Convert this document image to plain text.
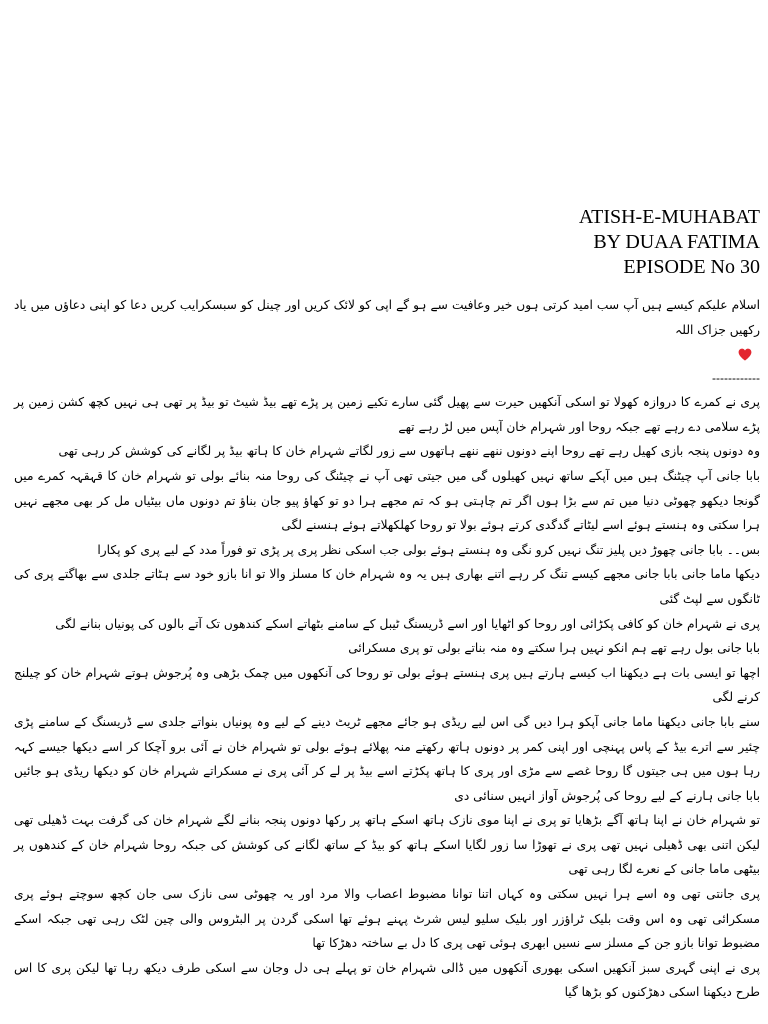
ATISH-E-MUHABAT
BY DUAA FATIMA
EPISODE No 30

اسلام علیکم کیسے ہیں آپ سب امید کرتی ہوں خیر وعافیت سے ہو گے اپی کو لائک کریں اور چینل کو سبسکرایب کریں دعا کو اپنی دعاؤں میں یاد رکھیں جزاک اللہ

------------

پری نے کمرے کا دروازہ کھولا تو اسکی آنکھیں حیرت سے پھیل گئی سارے تکیے زمین پر پڑے تھے بیڈ شیٹ تو بیڈ پر تھی ہی نہیں کچھ کشن زمین پر پڑے سلامی دے رہے تھے جبکہ روحا اور شہرام خان آپس میں لڑ رہے تھے

وہ دونوں پنجہ بازی کھیل رہے تھے روحا اپنے دونوں ننھے ننھے ہاتھوں سے زور لگاتے شہرام خان کا ہاتھ بیڈ پر لگانے کی کوشش کر رہی تھی

بابا جانی آپ چیٹنگ ہیں میں آپکے ساتھ نہیں کھیلوں گی میں جیتی تھی آپ نے چیٹنگ کی روحا منہ بنائے بولی تو شہرام خان کا قہقہہ کمرے میں گونجا دیکھو چھوٹی دنیا میں تم سے بڑا ہوں اگر تم چاہتی ہو کہ تم مجھے ہرا دو تو کھاؤ پیو جان بناؤ تم دونوں ماں بیٹیاں مل کر بھی مجھے نہیں ہرا سکتی وہ ہنستے ہوئے اسے لیٹاتے گدگدی کرتے ہوئے بولا تو روحا کھلکھلاتے ہوئے ہنسنے لگی

بس۔۔ بابا جانی چھوڑ دیں پلیز تنگ نہیں کرو نگی وہ ہنستے ہوئے بولی جب اسکی نظر پری پر پڑی تو فوراً مدد کے لیے پری کو پکارا

دیکھا ماما جانی بابا جانی مجھے کیسے تنگ کر رہے اتنے بھاری ہیں یہ وہ شہرام خان کا مسلز والا تو انا بازو خود سے ہٹاتے جلدی سے بھاگتے پری کی ٹانگوں سے لپٹ گئی

پری نے شہرام خان کو کافی پکڑائی اور روحا کو اٹھایا اور اسے ڈریسنگ ٹیبل کے سامنے بٹھاتے اسکے کندھوں تک آتے بالوں کی پونیاں بنانے لگی

بابا جانی بول رہے تھے ہم انکو نہیں ہرا سکتے وہ منہ بناتے بولی تو پری مسکرائی

اچھا تو ایسی بات ہے دیکھنا اب کیسے ہارتے ہیں پری ہنستے ہوئے بولی تو روحا کی آنکھوں میں چمک بڑھی وہ پُرجوش ہوتے شہرام خان کو چیلنج کرنے لگی

سنے بابا جانی دیکھنا ماما جانی آپکو ہرا دیں گی اس لیے ریڈی ہو جائے مجھے ٹریٹ دینے کے لیے وہ پونیاں بنواتے جلدی سے ڈریسنگ کے سامنے پڑی چئیر سے اترے بیڈ کے پاس پہنچی اور اپنی کمر پر دونوں ہاتھ رکھتے منہ پھلائے ہوئے بولی تو شہرام خان نے آئی برو آچکا کر اسے دیکھا جیسے کہہ رہا ہوں میں ہی جیتوں گا روحا غصے سے مڑی اور پری کا ہاتھ پکڑتے اسے بیڈ پر لے کر آئی پری نے مسکراتے شہرام خان کو دیکھا ریڈی ہو جائیں بابا جانی ہارنے کے لیے روحا کی پُرجوش آواز انہیں سنائی دی

تو شہرام خان نے اپنا ہاتھ آگے بڑھایا تو پری نے اپنا موی نازک ہاتھ اسکے ہاتھ پر رکھا دونوں پنجہ بنانے لگے شہرام خان کی گرفت بہت ڈھیلی تھی لیکن اتنی بھی ڈھیلی نہیں تھی پری نے تھوڑا سا زور لگایا اسکے ہاتھ کو بیڈ کے ساتھ لگانے کی کوشش کی جبکہ روحا شہرام خان کے کندھوں پر بیٹھی ماما جانی کے نعرے لگا رہی تھی

پری جانتی تھی وہ اسے ہرا نہیں سکتی وہ کہاں اتنا توانا مضبوط اعصاب والا مرد اور یہ چھوٹی سی نازک سی جان کچھ سوچتے ہوئے پری مسکرائی تھی وہ اس وقت بلیک ٹراؤزر اور بلیک سلیو لیس شرٹ پہنے ہوئے تھا اسکی گردن پر البٹروس والی چین لٹک رہی تھی جبکہ اسکے مضبوط توانا بازو جن کے مسلز سے نسیں ابھری ہوئی تھی پری کا دل بے ساختہ دھڑکا تھا

پری نے اپنی گہری سبز آنکھیں اسکی بھوری آنکھوں میں ڈالی شہرام خان تو پہلے ہی دل وجان سے اسکی طرف دیکھ رہا تھا لیکن پری کا اس طرح دیکھنا اسکی دھڑکنوں کو بڑھا گیا
